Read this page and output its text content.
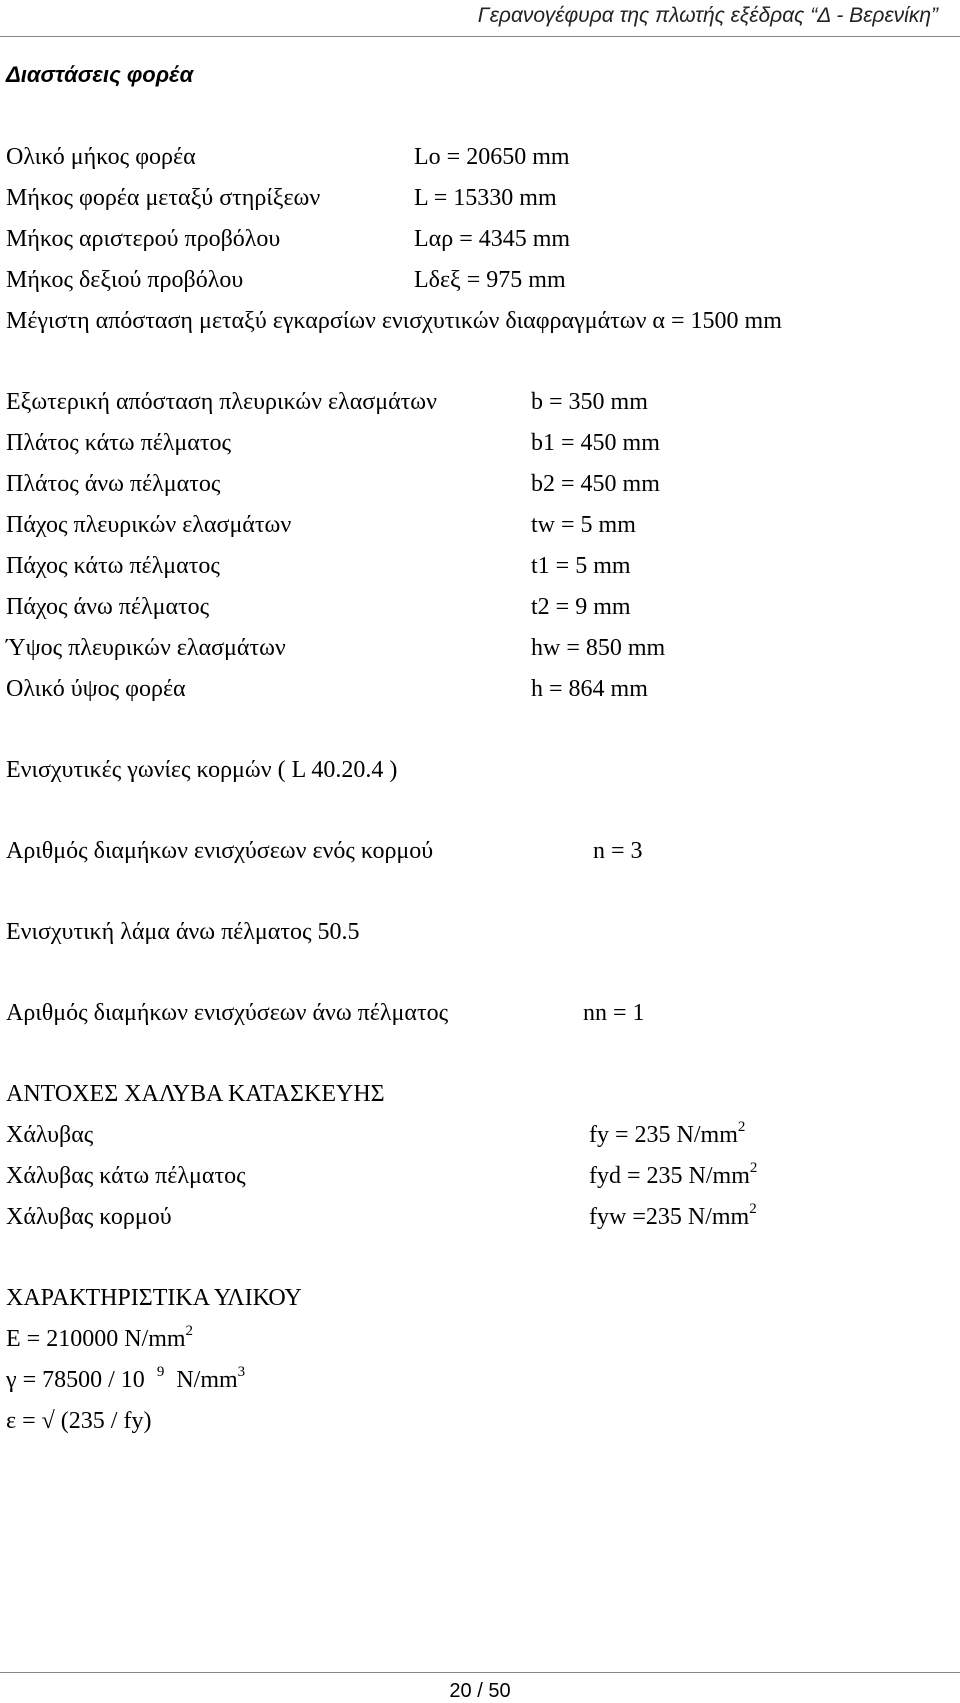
Γερανογέφυρα της πλωτής εξέδρας “Δ - Βερενίκη”
Διαστάσεις φορέα
Ολικό μήκος φορέα	Lo = 20650 mm
Μήκος φορέα μεταξύ στηρίξεων	L = 15330 mm
Μήκος αριστερού προβόλου	Lαρ = 4345 mm
Μήκος δεξιού προβόλου	Lδεξ = 975 mm
Μέγιστη απόσταση μεταξύ εγκαρσίων ενισχυτικών διαφραγμάτων α = 1500 mm
Εξωτερική απόσταση πλευρικών ελασμάτων	b = 350 mm
Πλάτος κάτω πέλματος	b1 = 450 mm
Πλάτος άνω πέλματος	b2 = 450 mm
Πάχος πλευρικών ελασμάτων	tw = 5 mm
Πάχος κάτω πέλματος	t1 = 5 mm
Πάχος άνω πέλματος	t2 = 9 mm
Ύψος πλευρικών ελασμάτων	hw = 850 mm
Ολικό ύψος φορέα	h = 864 mm
Ενισχυτικές γωνίες κορμών ( L 40.20.4 )
Αριθμός διαμήκων ενισχύσεων ενός κορμού	n = 3
Ενισχυτική λάμα άνω πέλματος 50.5
Αριθμός διαμήκων ενισχύσεων άνω πέλματος	nn = 1
ΑΝΤΟΧΕΣ ΧΑΛΥΒΑ ΚΑΤΑΣΚΕΥΗΣ
Χάλυβας	fy = 235 $N/mm^2$
Χάλυβας κάτω πέλματος	fyd = 235 $N/mm^2$
Χάλυβας κορμού	fyw =235 $N/mm^2$
ΧΑΡΑΚΤΗΡΙΣΤΙΚΑ ΥΛΙΚΟΥ
E = 210000 $N/mm^2$
γ = 78500 / 10 $^9$  $N/mm^3$
ε = √ (235 / fy)
20 / 50
